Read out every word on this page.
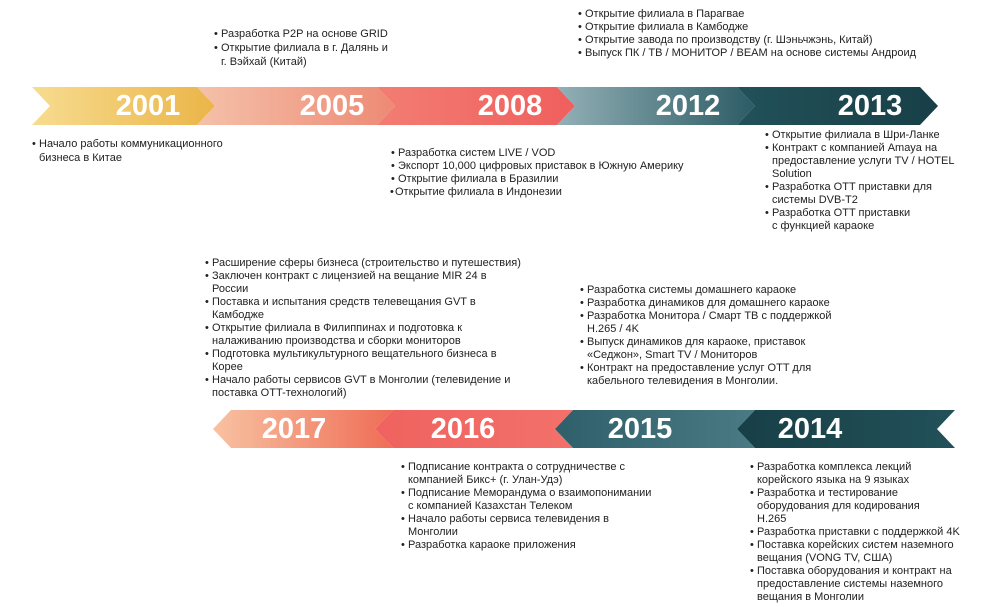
2001	2005	2008	2012	2013
2017	2016	2015	2014
• Разработка P2P на основе GRID
• Открытие филиала в г. Далянь и
г. Вэйхай (Китай)
• Открытие филиала в Парагвае
• Открытие филиала в Камбодже
• Открытие завода по производству (г. Шэньчжэнь, Китай)
• Выпуск ПК / ТВ / МОНИТОР / BEAM на основе системы Андроид
• Начало работы коммуникационного
бизнеса в Китае
•	Разработка систем LIVE / VOD
• Экспорт 10,000 цифровых приставок в Южную Америку
• Открытие филиала в Бразилии
• Открытие филиала в Индонезии
• Открытие филиала в Шри-Ланке
• Контракт с компанией Amaya на
предоставление услуги TV / HOTEL
Solution
• Разработка OTT приставки для
системы DVB-T2
• Разработка OTT приставки
с функцией караоке
• Расширение сферы бизнеса (строительство и путешествия)
• Заключен контракт с лицензией на вещание MIR 24 в
России
• Поставка и испытания средств телевещания GVT в
Камбодже
• Открытие филиала в Филиппинах и подготовка к
налаживанию производства и сборки мониторов
• Подготовка мультикультурного вещательного бизнеса в
Корее
• Начало работы сервисов GVT в Монголии (телевидение и
поставка OTT-технологий)
• Разработка системы домашнего караоке
• Разработка динамиков для домашнего караоке
• Разработка Монитора / Смарт ТВ с поддержкой
H.265 / 4K
• Выпуск динамиков для караоке, приставок
«Седжон», Smart TV / Мониторов
• Контракт на предоставление услуг OTT для
кабельного телевидения в Монголии.
• Подписание контракта о сотрудничестве с
компанией Бикс+ (г. Улан-Удэ)
• Подписание Меморандума о взаимопонимании
с компанией Казахстан Телеком
• Начало работы сервиса телевидения в
Монголии
• Разработка караоке приложения
• Разработка комплекса лекций
корейского языка на 9 языках
• Разработка и тестирование
оборудования для кодирования
H.265
• Разработка приставки с поддержкой 4K
• Поставка корейских систем наземного
вещания (VONG TV, США)
• Поставка оборудования и контракт на
предоставление системы наземного
вещания в Монголии
